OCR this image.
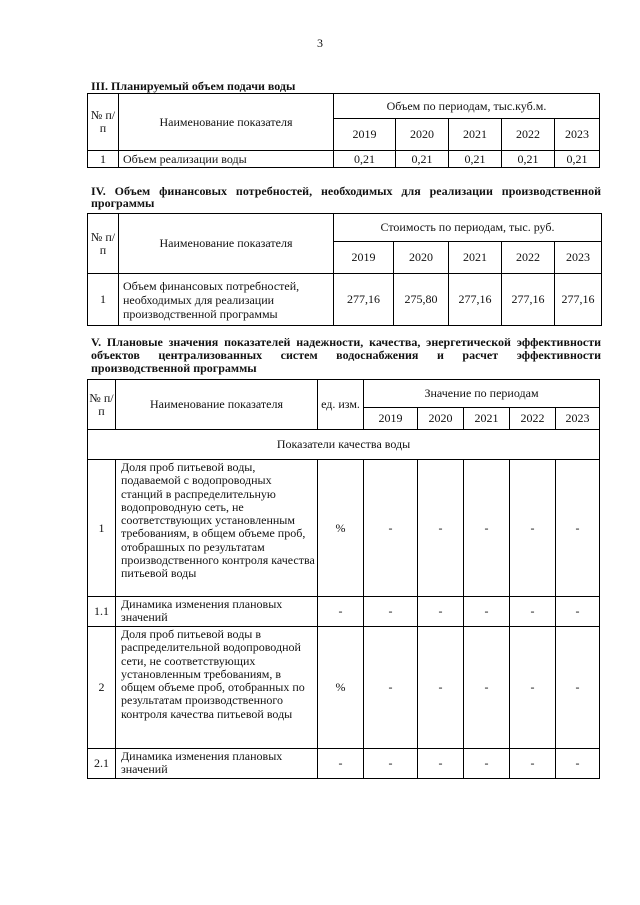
3
III. Планируемый объем подачи воды
№ п/п	Наименование показателя	Объем по периодам, тыс.куб.м.				
		2019	2020	2021	2022	2023
1	Объем реализации воды	0,21	0,21	0,21	0,21	0,21
IV. Объем финансовых потребностей, необходимых для реализации производственной программы
№ п/п	Наименование показателя	Стоимость по периодам, тыс. руб.				
		2019	2020	2021	2022	2023
1	Объем финансовых потребностей, необходимых для реализации производственной программы	277,16	275,80	277,16	277,16	277,16
V. Плановые значения показателей надежности, качества, энергетической эффективности объектов централизованных систем водоснабжения и расчет эффективности производственной программы
№ п/п	Наименование показателя	ед. изм.	Значение по периодам				
			2019	2020	2021	2022	2023
Показатели качества воды							
1	Доля проб питьевой воды, подаваемой с водопроводных станций в распределительную водопроводную сеть, не соответствующих установленным требованиям, в общем объеме проб, отобрашных по результатам производственного контроля качества питьевой воды	%	-	-	-	-	-
1.1	Динамика изменения плановых значений	-	-	-	-	-	-
2	Доля проб питьевой воды в распределительной водопроводной сети, не соответствующих установленным требованиям, в общем объеме проб, отобранных по результатам производственного контроля качества питьевой воды	%	-	-	-	-	-
2.1	Динамика изменения плановых значений	-	-	-	-	-	-
